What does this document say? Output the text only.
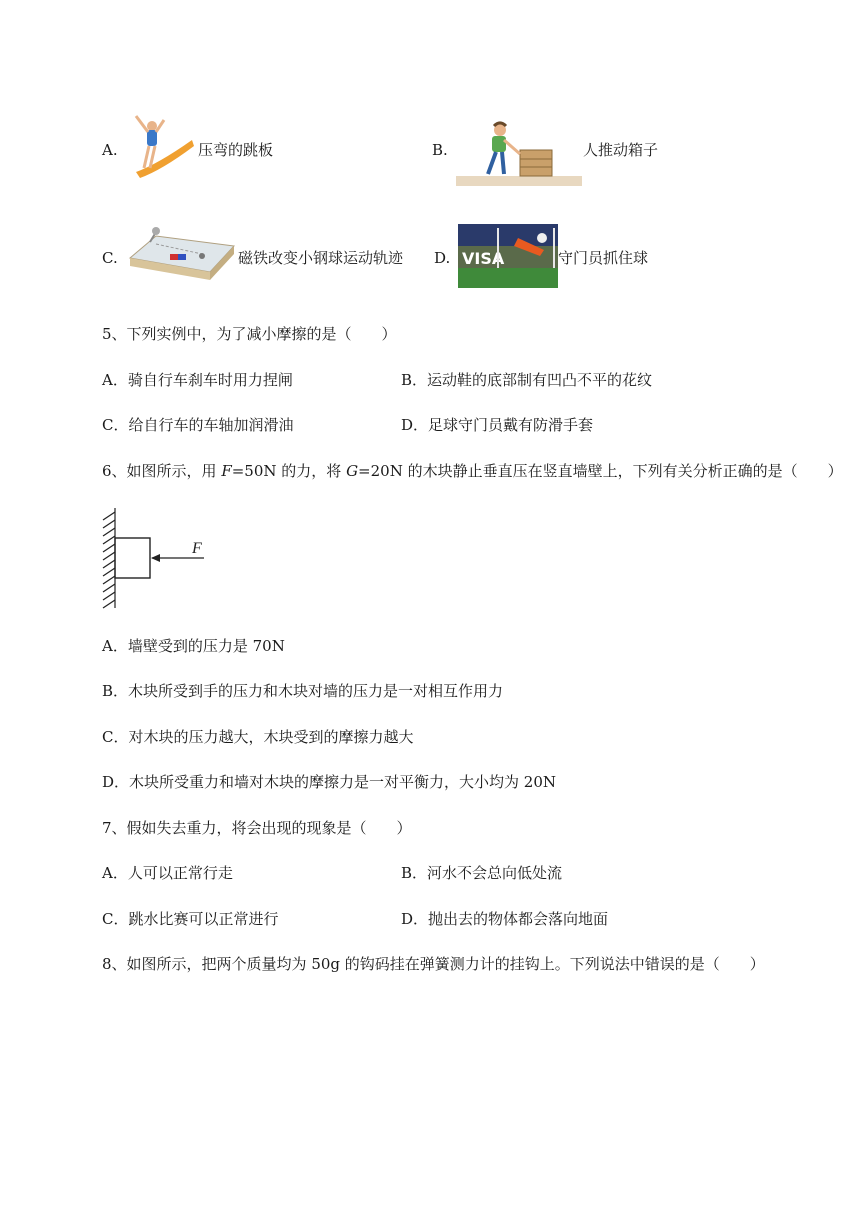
A.	压弯的跳板	B.	人推动箱子
C.	磁铁改变小钢球运动轨迹 D. VISA	守门员抓住球
5、下列实例中，为了减小摩擦的是（　　）
A．骑自行车刹车时用力捏闸	B．运动鞋的底部制有凹凸不平的花纹
C．给自行车的车轴加润滑油	D．足球守门员戴有防滑手套
6、如图所示，用 F=50N 的力，将 G=20N 的木块静止垂直压在竖直墙壁上，下列有关分析正确的是（　　）
F
A．墙壁受到的压力是 70N
B．木块所受到手的压力和木块对墙的压力是一对相互作用力
C．对木块的压力越大，木块受到的摩擦力越大
D．木块所受重力和墙对木块的摩擦力是一对平衡力，大小均为 20N
7、假如失去重力，将会出现的现象是（　　）
A．人可以正常行走	B．河水不会总向低处流
C．跳水比赛可以正常进行	D．抛出去的物体都会落向地面
8、如图所示，把两个质量均为 50g 的钩码挂在弹簧测力计的挂钩上。下列说法中错误的是（　　）
